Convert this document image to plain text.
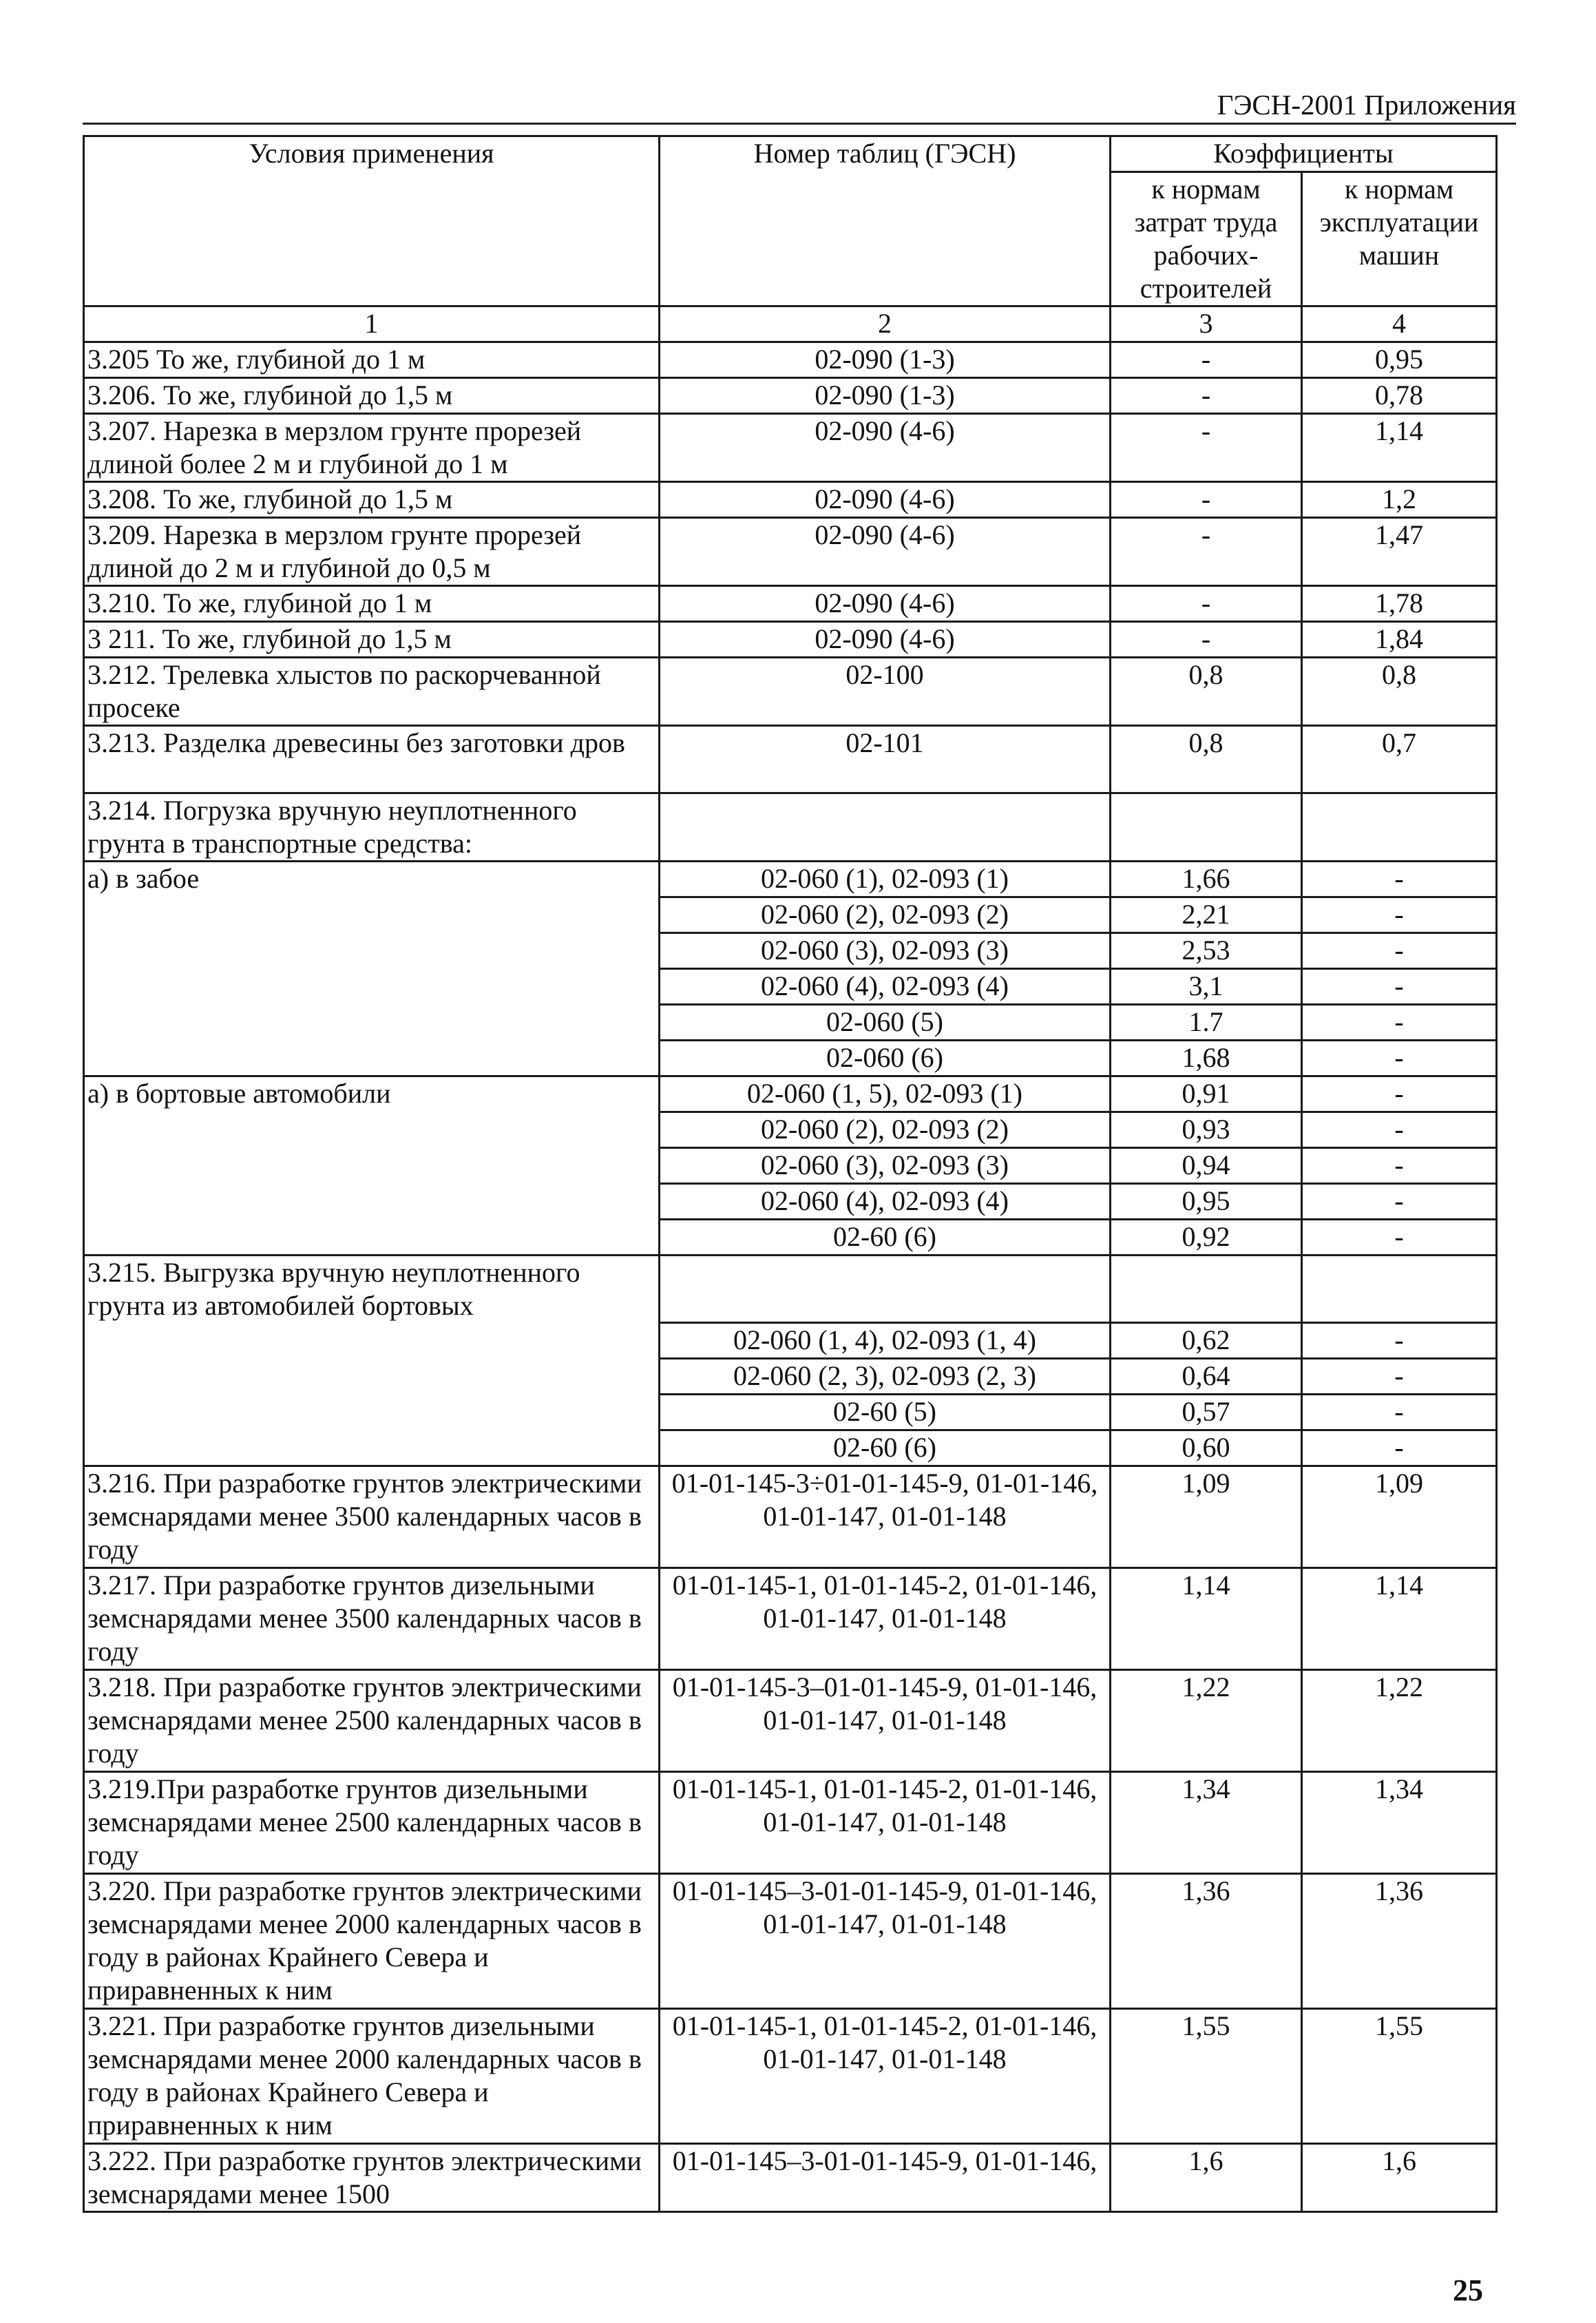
ГЭСН-2001 Приложения
Условия применения	Номер таблиц (ГЭСН)	Коэффициенты	
		к нормам затрат труда рабочих-строителей	к нормам эксплуатации машин
1	2	3	4
3.205 То же, глубиной до 1 м	02-090 (1-3)	-	0,95
3.206. То же, глубиной до 1,5 м	02-090 (1-3)	-	0,78
3.207. Нарезка в мерзлом грунте прорезей длиной более 2 м и глубиной до 1 м	02-090 (4-6)	-	1,14
3.208. То же, глубиной до 1,5 м	02-090 (4-6)	-	1,2
3.209. Нарезка в мерзлом грунте прорезей длиной до 2 м и глубиной до 0,5 м	02-090 (4-6)	-	1,47
3.210. То же, глубиной до 1 м	02-090 (4-6)	-	1,78
3 211. То же, глубиной до 1,5 м	02-090 (4-6)	-	1,84
3.212. Трелевка хлыстов по раскорчеванной просеке	02-100	0,8	0,8
3.213. Разделка древесины без заготовки дров	02-101	0,8	0,7
3.214. Погрузка вручную неуплотненного грунта в транспортные средства:			
а) в забое	02-060 (1), 02-093 (1)	1,66	-
	02-060 (2), 02-093 (2)	2,21	-
	02-060 (3), 02-093 (3)	2,53	-
	02-060 (4), 02-093 (4)	3,1	-
	02-060 (5)	1.7	-
	02-060 (6)	1,68	-
а) в бортовые автомобили	02-060 (1, 5), 02-093 (1)	0,91	-
	02-060 (2), 02-093 (2)	0,93	-
	02-060 (3), 02-093 (3)	0,94	-
	02-060 (4), 02-093 (4)	0,95	-
	02-60 (6)	0,92	-
3.215. Выгрузка вручную неуплотненного грунта из автомобилей бортовых			
	02-060 (1, 4), 02-093 (1, 4)	0,62	-
	02-060 (2, 3), 02-093 (2, 3)	0,64	-
	02-60 (5)	0,57	-
	02-60 (6)	0,60	-
3.216. При разработке грунтов электрическими земснарядами менее 3500 календарных часов в году	01-01-145-3÷01-01-145-9, 01-01-146, 01-01-147, 01-01-148	1,09	1,09
3.217. При разработке грунтов дизельными земснарядами менее 3500 календарных часов в году	01-01-145-1, 01-01-145-2, 01-01-146, 01-01-147, 01-01-148	1,14	1,14
3.218. При разработке грунтов электрическими земснарядами менее 2500 календарных часов в году	01-01-145-3–01-01-145-9, 01-01-146, 01-01-147, 01-01-148	1,22	1,22
3.219.При разработке грунтов дизельными земснарядами менее 2500 календарных часов в году	01-01-145-1, 01-01-145-2, 01-01-146, 01-01-147, 01-01-148	1,34	1,34
3.220. При разработке грунтов электрическими земснарядами менее 2000 календарных часов в году в районах Крайнего Севера и приравненных к ним	01-01-145–3-01-01-145-9, 01-01-146, 01-01-147, 01-01-148	1,36	1,36
3.221. При разработке грунтов дизельными земснарядами менее 2000 календарных часов в году в районах Крайнего Севера и приравненных к ним	01-01-145-1, 01-01-145-2, 01-01-146, 01-01-147, 01-01-148	1,55	1,55
3.222. При разработке грунтов электрическими земснарядами менее 1500	01-01-145–3-01-01-145-9, 01-01-146,	1,6	1,6
25
